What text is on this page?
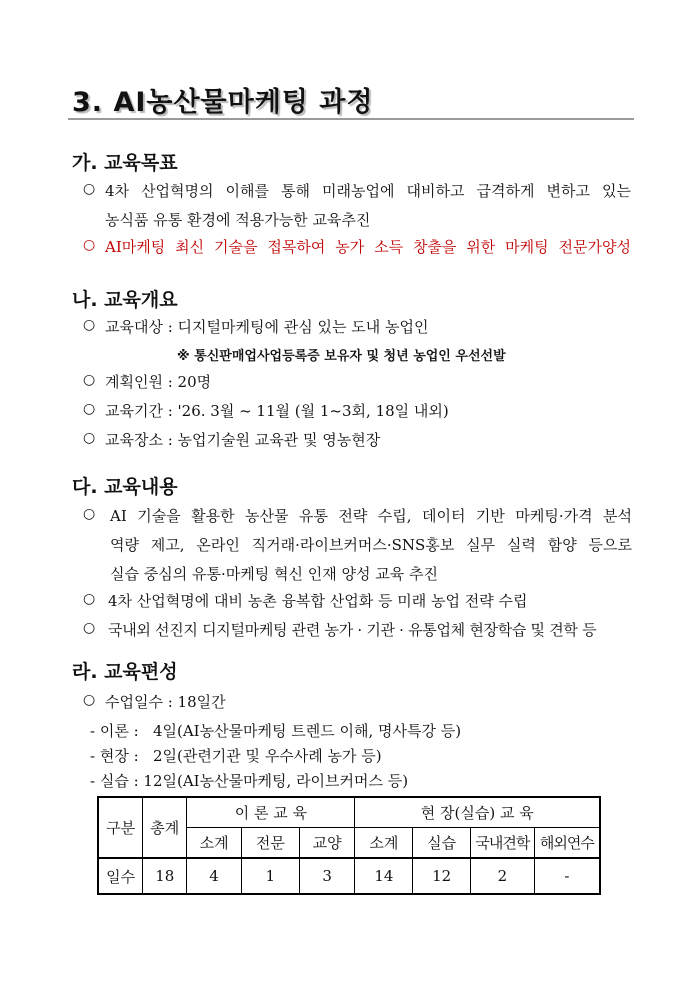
3. AI농산물마케팅 과정
가. 교육목표
○ 4차 산업혁명의 이해를 통해 미래농업에 대비하고 급격하게 변하고 있는
농식품 유통 환경에 적용가능한 교육추진
○ AI마케팅 최신 기술을 접목하여 농가 소득 창출을 위한 마케팅 전문가양성
나. 교육개요
○ 교육대상 : 디지털마케팅에 관심 있는 도내 농업인
※ 통신판매업사업등록증 보유자 및 청년 농업인 우선선발
○ 계획인원 : 20명
○ 교육기간 : '26. 3월 ~ 11월 (월 1~3회, 18일 내외)
○ 교육장소 : 농업기술원 교육관 및 영농현장
다. 교육내용
○ AI 기술을 활용한 농산물 유통 전략 수립, 데이터 기반 마케팅·가격 분석
역량 제고, 온라인 직거래·라이브커머스·SNS홍보 실무 실력 함양 등으로
실습 중심의 유통·마케팅 혁신 인재 양성 교육 추진
○ 4차 산업혁명에 대비 농촌 융복합 산업화 등 미래 농업 전략 수립
○ 국내외 선진지 디지털마케팅 관련 농가 · 기관 · 유통업체 현장학습 및 견학 등
라. 교육편성
○ 수업일수 : 18일간
- 이론 :   4일(AI농산물마케팅 트렌드 이해, 명사특강 등)
- 현장 :   2일(관련기관 및 우수사례 농가 등)
- 실습 : 12일(AI농산물마케팅, 라이브커머스 등)
구분	총계	이 론 교 육			현 장(실습) 교 육			
		소계	전문	교양	소계	실습	국내견학	해외연수
일수	18	4	1	3	14	12	2	-
